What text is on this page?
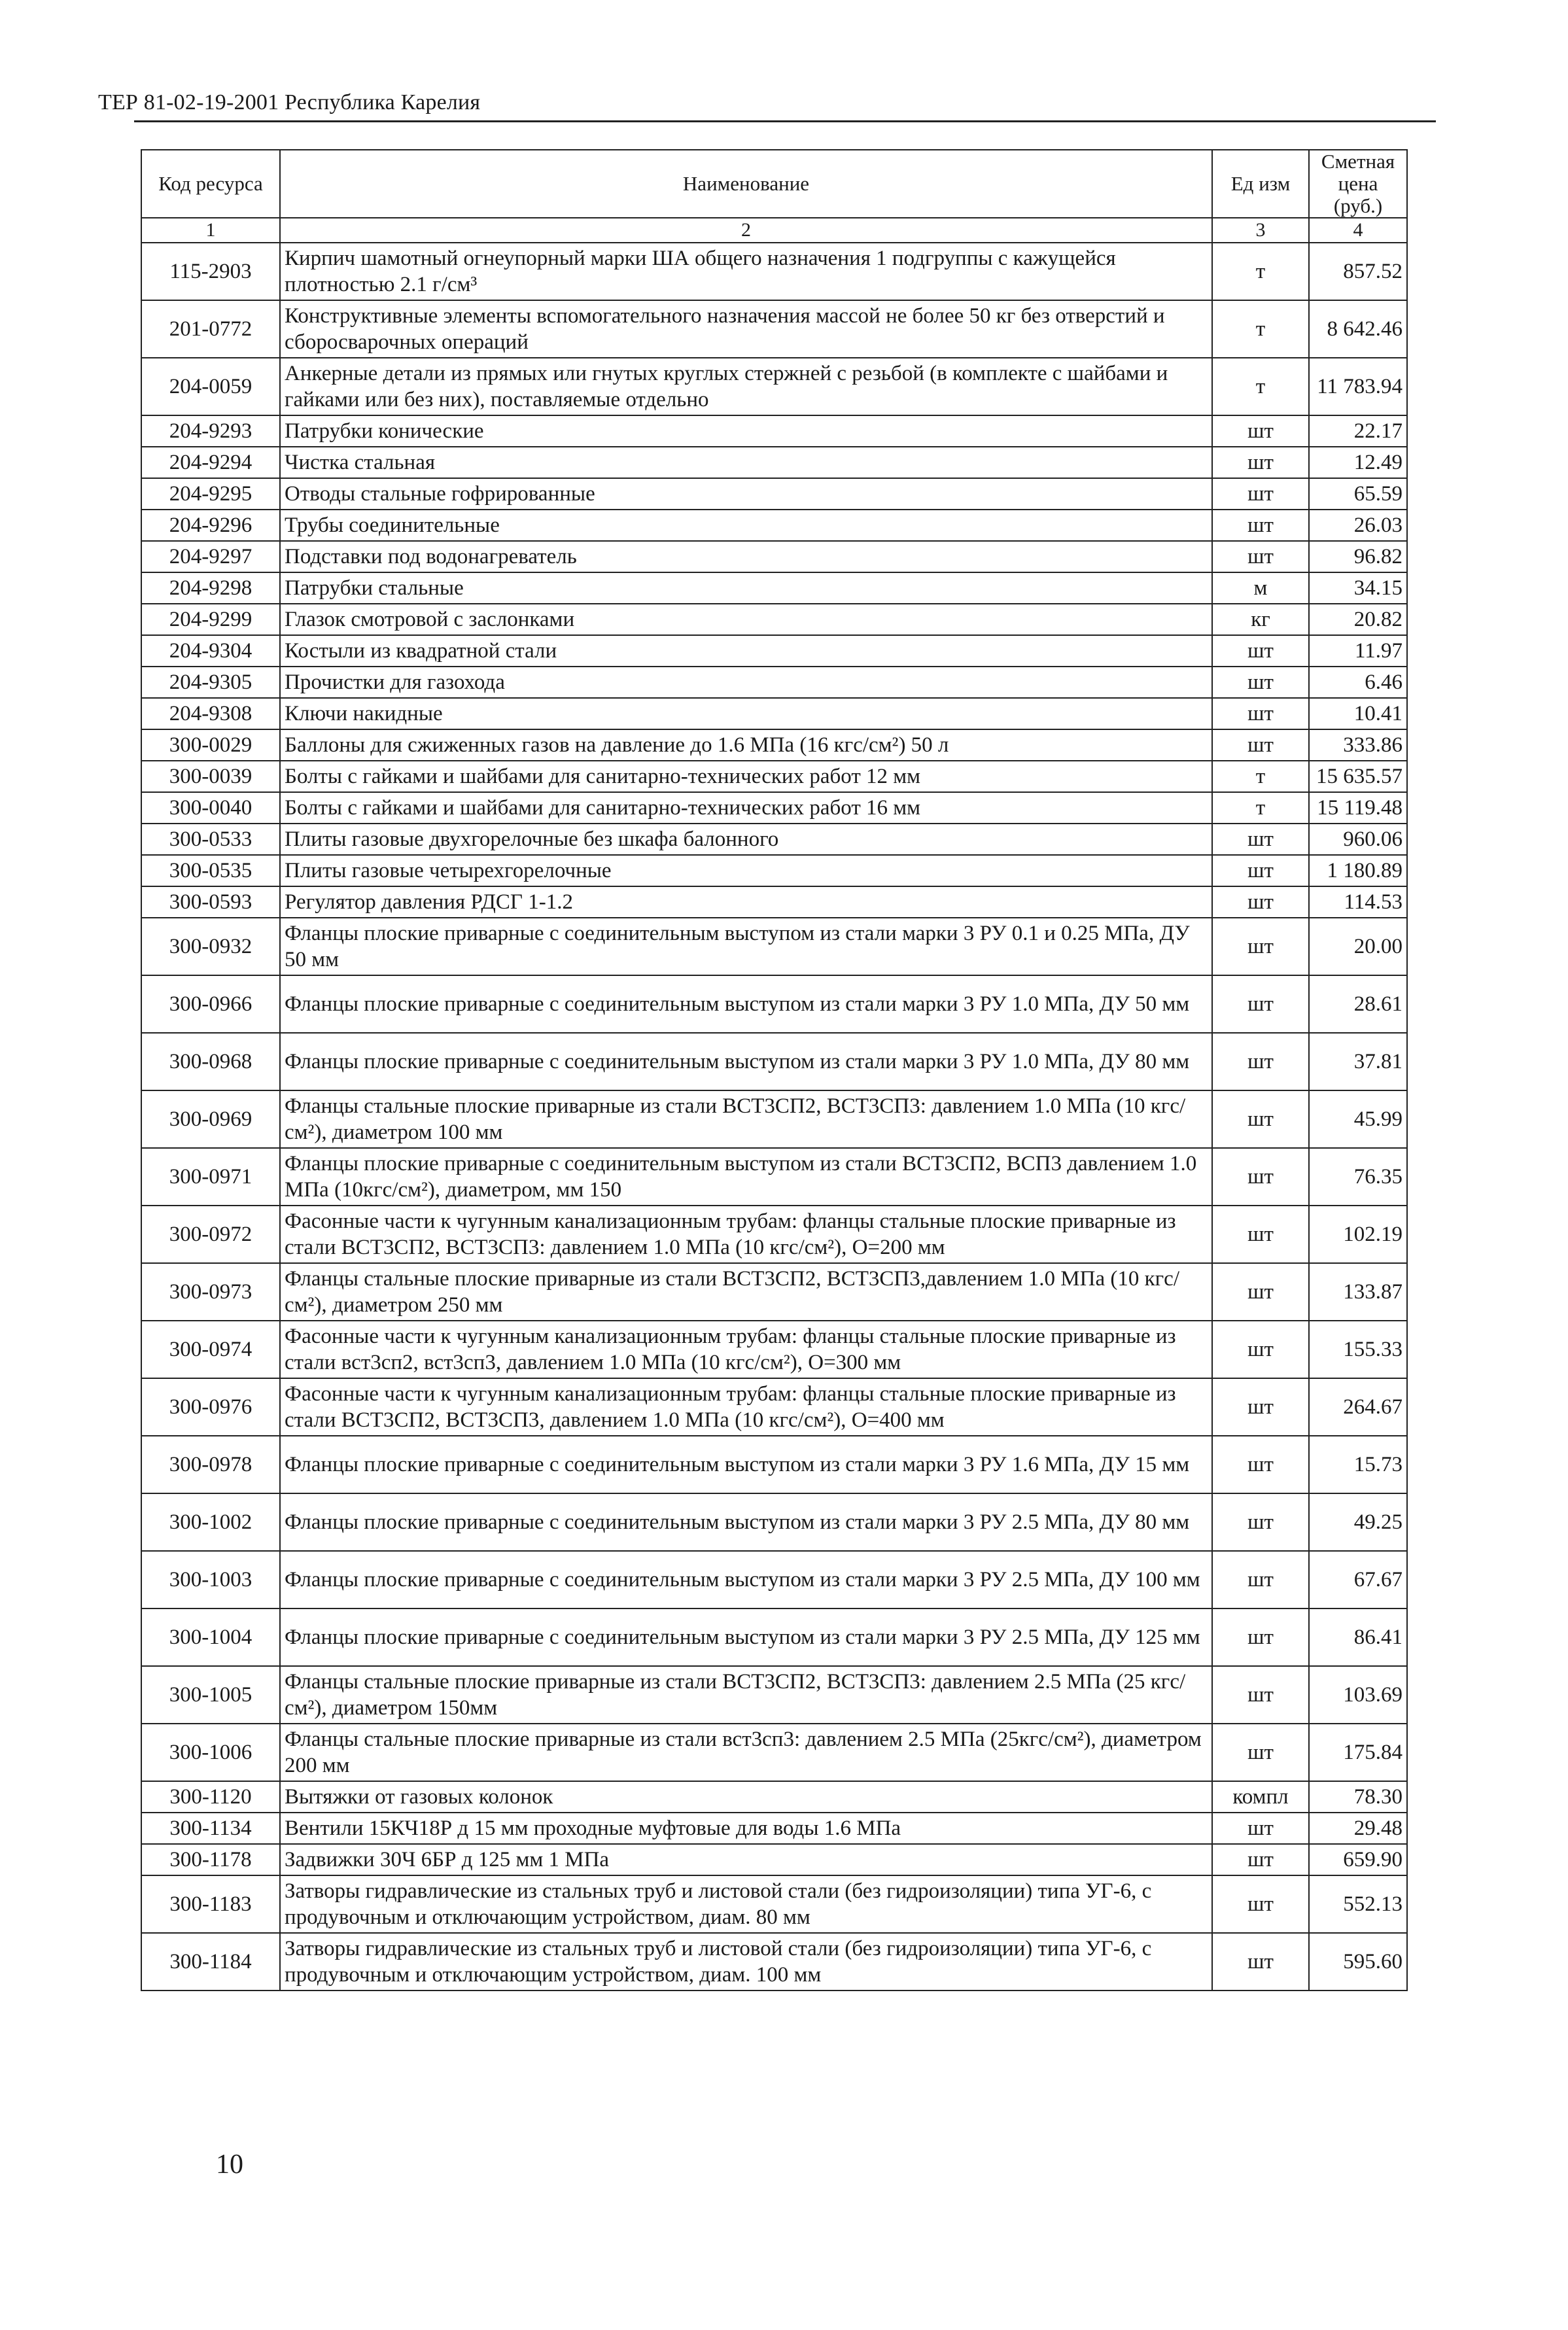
ТЕР 81-02-19-2001 Республика Карелия
Код ресурса	Наименование	Ед изм	Сметная цена (руб.)
1	2	3	4
115-2903	Кирпич шамотный огнеупорный марки ША общего назначения 1 подгруппы с кажущейся плотностью 2.1 г/см³	т	857.52
201-0772	Конструктивные элементы вспомогательного назначения массой не более 50 кг без отверстий и сборосварочных операций	т	8 642.46
204-0059	Анкерные детали из прямых или гнутых круглых стержней с резьбой (в комплекте с шайбами и гайками или без них), поставляемые отдельно	т	11 783.94
204-9293	Патрубки конические	шт	22.17
204-9294	Чистка стальная	шт	12.49
204-9295	Отводы стальные гофрированные	шт	65.59
204-9296	Трубы соединительные	шт	26.03
204-9297	Подставки под водонагреватель	шт	96.82
204-9298	Патрубки стальные	м	34.15
204-9299	Глазок смотровой с заслонками	кг	20.82
204-9304	Костыли из квадратной стали	шт	11.97
204-9305	Прочистки для газохода	шт	6.46
204-9308	Ключи накидные	шт	10.41
300-0029	Баллоны для сжиженных газов на давление до 1.6 МПа (16 кгс/см²) 50 л	шт	333.86
300-0039	Болты с гайками и шайбами для санитарно-технических работ 12 мм	т	15 635.57
300-0040	Болты с гайками и шайбами для санитарно-технических работ 16 мм	т	15 119.48
300-0533	Плиты газовые двухгорелочные без шкафа балонного	шт	960.06
300-0535	Плиты газовые четырехгорелочные	шт	1 180.89
300-0593	Регулятор давления РДСГ 1-1.2	шт	114.53
300-0932	Фланцы плоские приварные с соединительным выступом из стали марки 3 РУ 0.1 и 0.25 МПа, ДУ 50 мм	шт	20.00
300-0966	Фланцы плоские приварные с соединительным выступом из стали марки 3 РУ 1.0 МПа, ДУ 50 мм	шт	28.61
300-0968	Фланцы плоские приварные с соединительным выступом из стали марки 3 РУ 1.0 МПа, ДУ 80 мм	шт	37.81
300-0969	Фланцы стальные плоские приварные из стали ВСТ3СП2, ВСТ3СП3: давлением 1.0 МПа (10 кгс/см²), диаметром 100 мм	шт	45.99
300-0971	Фланцы плоские приварные с соединительным выступом из стали ВСТ3СП2, ВСП3 давлением 1.0 МПа (10кгс/см²), диаметром, мм 150	шт	76.35
300-0972	Фасонные части к чугунным канализационным трубам: фланцы стальные плоские приварные из стали ВСТ3СП2, ВСТ3СП3: давлением 1.0 МПа (10 кгс/см²), О=200 мм	шт	102.19
300-0973	Фланцы стальные плоские приварные из стали ВСТ3СП2, ВСТ3СП3,давлением 1.0 МПа (10 кгс/см²), диаметром 250 мм	шт	133.87
300-0974	Фасонные части к чугунным канализационным трубам: фланцы стальные плоские приварные из стали вст3сп2, вст3сп3, давлением 1.0 МПа (10 кгс/см²), О=300 мм	шт	155.33
300-0976	Фасонные части к чугунным канализационным трубам: фланцы стальные плоские приварные из стали ВСТ3СП2, ВСТ3СП3, давлением 1.0 МПа (10 кгс/см²), О=400 мм	шт	264.67
300-0978	Фланцы плоские приварные с соединительным выступом из стали марки 3 РУ 1.6 МПа, ДУ 15 мм	шт	15.73
300-1002	Фланцы плоские приварные с соединительным выступом из стали марки 3 РУ 2.5 МПа, ДУ 80 мм	шт	49.25
300-1003	Фланцы плоские приварные с соединительным выступом из стали марки 3 РУ 2.5 МПа, ДУ 100 мм	шт	67.67
300-1004	Фланцы плоские приварные с соединительным выступом из стали марки 3 РУ 2.5 МПа, ДУ 125 мм	шт	86.41
300-1005	Фланцы стальные плоские приварные из стали ВСТ3СП2, ВСТ3СП3: давлением 2.5 МПа (25 кгс/см²), диаметром 150мм	шт	103.69
300-1006	Фланцы стальные плоские приварные из стали вст3сп3: давлением 2.5 МПа (25кгс/см²), диаметром 200 мм	шт	175.84
300-1120	Вытяжки от газовых колонок	компл	78.30
300-1134	Вентили 15КЧ18Р д 15 мм проходные муфтовые для воды 1.6 МПа	шт	29.48
300-1178	Задвижки 30Ч 6БР д 125 мм 1 МПа	шт	659.90
300-1183	Затворы гидравлические из стальных труб и листовой стали (без гидроизоляции) типа УГ-6, с продувочным и отключающим устройством, диам. 80 мм	шт	552.13
300-1184	Затворы гидравлические из стальных труб и листовой стали (без гидроизоляции) типа УГ-6, с продувочным и отключающим устройством, диам. 100 мм	шт	595.60
10
